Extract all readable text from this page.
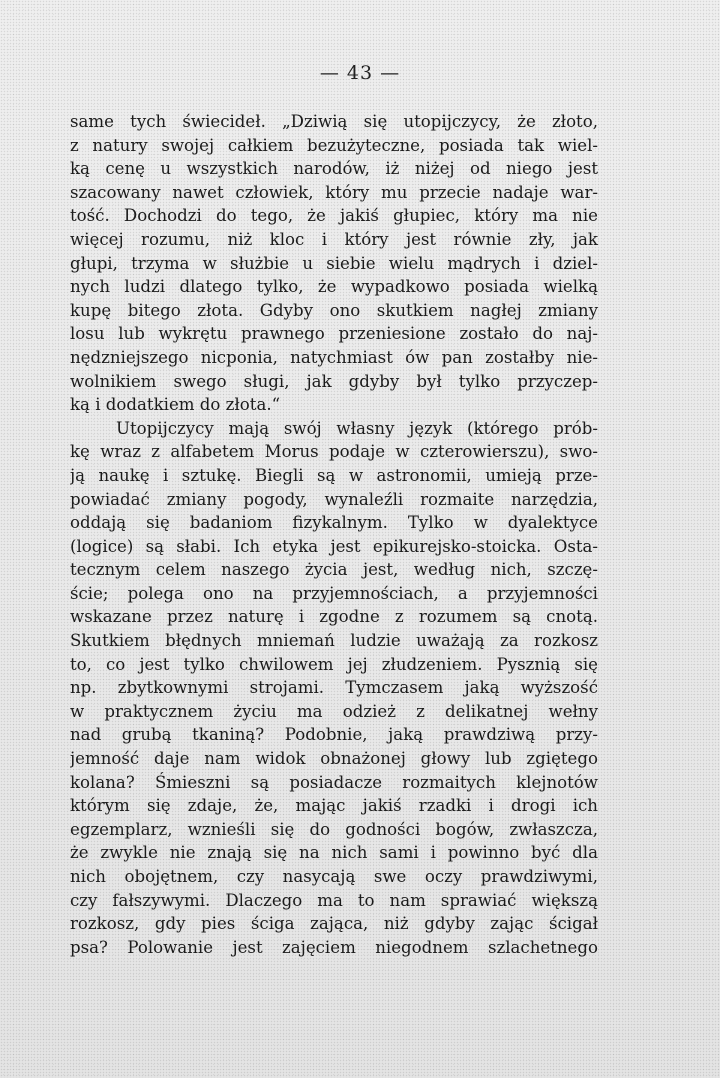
— 43 —
same tych świecideł. „Dziwią się utopijczycy, że złoto,
z natury swojej całkiem bezużyteczne, posiada tak wiel-
ką cenę u wszystkich narodów, iż niżej od niego jest
szacowany nawet człowiek, który mu przecie nadaje war-
tość. Dochodzi do tego, że jakiś głupiec, który ma nie
więcej rozumu, niż kloc i który jest równie zły, jak
głupi, trzyma w służbie u siebie wielu mądrych i dziel-
nych ludzi dlatego tylko, że wypadkowo posiada wielką
kupę bitego złota. Gdyby ono skutkiem nagłej zmiany
losu lub wykrętu prawnego przeniesione zostało do naj-
nędzniejszego nicponia, natychmiast ów pan zostałby nie-
wolnikiem swego sługi, jak gdyby był tylko przyczep-
ką i dodatkiem do złota.“
Utopijczycy mają swój własny język (którego prób-
kę wraz z alfabetem Morus podaje w czterowierszu), swo-
ją naukę i sztukę. Biegli są w astronomii, umieją prze-
powiadać zmiany pogody, wynaleźli rozmaite narzędzia,
oddają się badaniom fizykalnym. Tylko w dyalektyce
(logice) są słabi. Ich etyka jest epikurejsko-stoicka. Osta-
tecznym celem naszego życia jest, według nich, szczę-
ście; polega ono na przyjemnościach, a przyjemności
wskazane przez naturę i zgodne z rozumem są cnotą.
Skutkiem błędnych mniemań ludzie uważają za rozkosz
to, co jest tylko chwilowem jej złudzeniem. Pysznią się
np. zbytkownymi strojami. Tymczasem jaką wyższość
w praktycznem życiu ma odzież z delikatnej wełny
nad grubą tkaniną? Podobnie, jaką prawdziwą przy-
jemność daje nam widok obnażonej głowy lub zgiętego
kolana? Śmieszni są posiadacze rozmaitych klejnotów
którym się zdaje, że, mając jakiś rzadki i drogi ich
egzemplarz, wznieśli się do godności bogów, zwłaszcza,
że zwykle nie znają się na nich sami i powinno być dla
nich obojętnem, czy nasycają swe oczy prawdziwymi,
czy fałszywymi. Dlaczego ma to nam sprawiać większą
rozkosz, gdy pies ściga zająca, niż gdyby zając ścigał
psa? Polowanie jest zajęciem niegodnem szlachetnego
